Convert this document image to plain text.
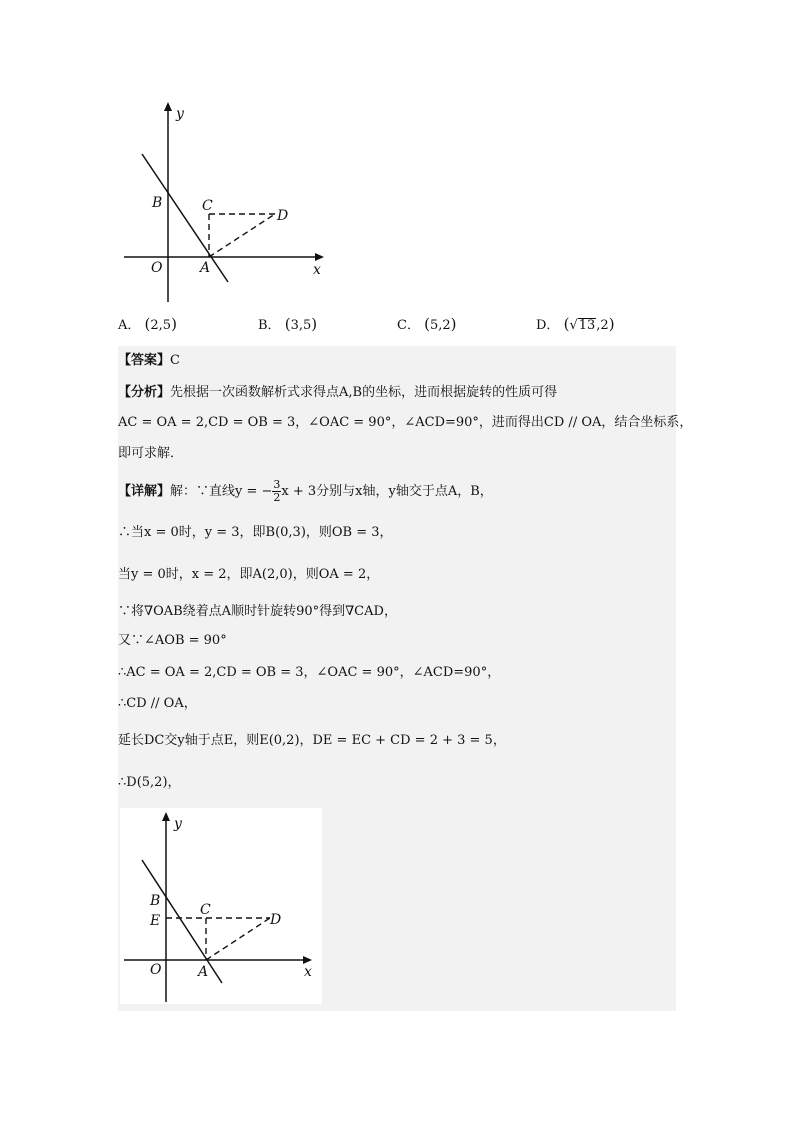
y
x
B	C
D
O	A
A． (2,5)	B． (3,5)	C． (5,2)	D． (√13,2)
【答案】C
【分析】先根据一次函数解析式求得点A,B的坐标，进而根据旋转的性质可得
AC = OA = 2,CD = OB = 3，∠OAC = 90°，∠ACD=90°，进而得出CD // OA，结合坐标系，
即可求解．
【详解】解：∵直线y = − $\frac{3}{2}$ x + 3分别与x轴，y轴交于点A，B，
∴当x = 0时，y = 3，即B(0,3)，则OB = 3，
当y = 0时，x = 2，即A(2,0)，则OA = 2，
∵将∇OAB绕着点A顺时针旋转90°得到∇CAD，
又∵∠AOB = 90°
∴AC = OA = 2,CD = OB = 3，∠OAC = 90°，∠ACD=90°，
∴CD // OA，
延长DC交y轴于点E，则E(0,2)，DE = EC + CD = 2 + 3 = 5，
∴D(5,2)，
y
x
B
E
C
D
O	A
